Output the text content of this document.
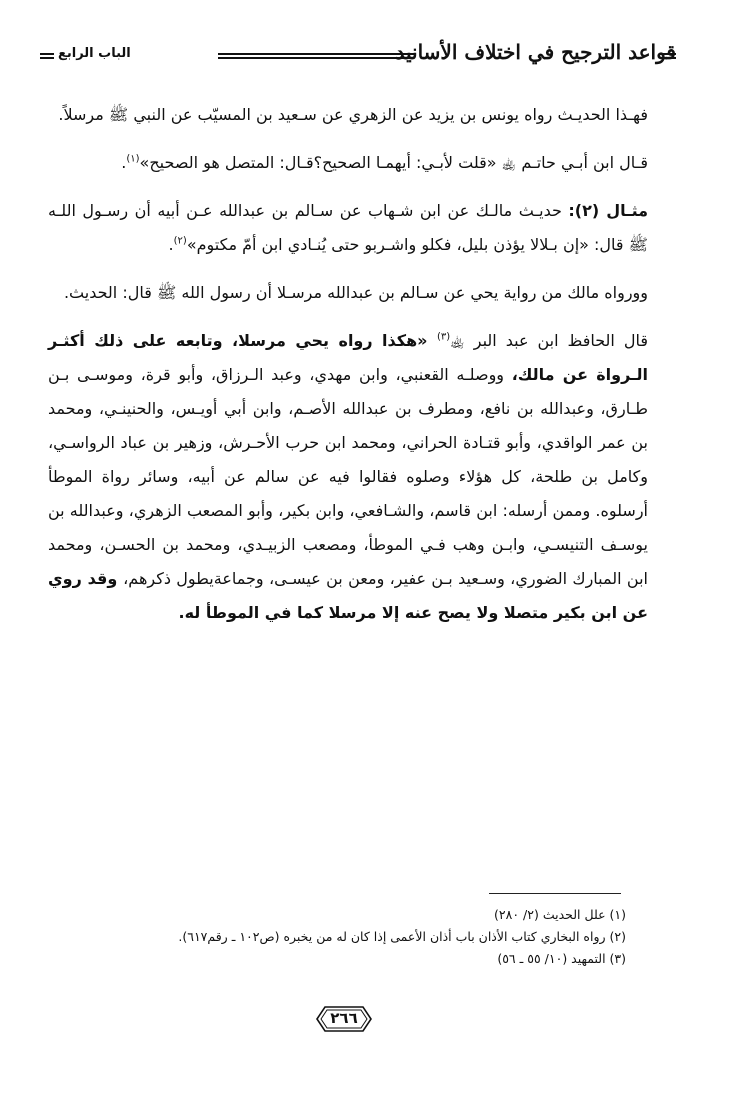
قواعد الترجيح في اختلاف الأسانيد
الباب الرابع

فهـذا الحديـث رواه يونس بن يزيد عن الزهري عن سـعيد بن المسيّب عن النبي ﷺ مرسلاً.

قـال ابن أبـي حاتـم ﵀ «قلت لأبـي: أيهمـا الصحيح؟قـال: المتصل هو الصحيح»$^{(١)}$.

مثـال (٢): حديـث مالـك عن ابن شـهاب عن سـالم بن عبدالله عـن أبيه أن رسـول اللـه ﷺ قال: «إن بـلالا يؤذن بليل، فكلو واشـربو حتى يُنـادي ابن أمّ مكتوم»$^{(٢)}$.

وورواه مالك من رواية يحي عن سـالم بن عبدالله مرسـلا أن رسول الله ﷺ قال: الحديث.

قال الحافظ ابن عبد البر ﵀$^{(٣)}$ «هكذا رواه يحي مرسلا، وتابعه على ذلك أكثـر الـرواة عن مالك، ووصلـه القعنبي، وابن مهدي، وعبد الـرزاق، وأبو قرة، وموسـى بـن طـارق، وعبدالله بن نافع، ومطرف بن عبدالله الأصـم، وابن أبي أويـس، والحنينـي، ومحمد بن عمر الواقدي، وأبو قتـادة الحراني، ومحمد ابن حرب الأحـرش، وزهير بن عباد الرواسـي، وكامل بن طلحة، كل هؤلاء وصلوه فقالوا فيه عن سالم عن أبيه، وسائر رواة الموطأ أرسلوه. وممن أرسله: ابن قاسم، والشـافعي، وابن بكير، وأبو المصعب الزهري، وعبدالله بن يوسـف التنيسـي، وابـن وهب فـي الموطأ، ومصعب الزبيـدي، ومحمد بن الحسـن، ومحمد ابن المبارك الضوري، وسـعيد بـن عفير، ومعن بن عيسـى، وجماعةيطول ذكرهم، وقد روي عن ابن بكير متصلا ولا يصح عنه إلا مرسلا كما في الموطأ له.

(١) علل الحديث (٢/ ٢٨٠)
(٢) رواه البخاري كتاب الأذان باب أذان الأعمى إذا كان له من يخبره (ص١٠٢ ـ رقم٦١٧).
(٣) التمهيد (١٠/ ٥٥ ـ ٥٦)
٢٦٦
